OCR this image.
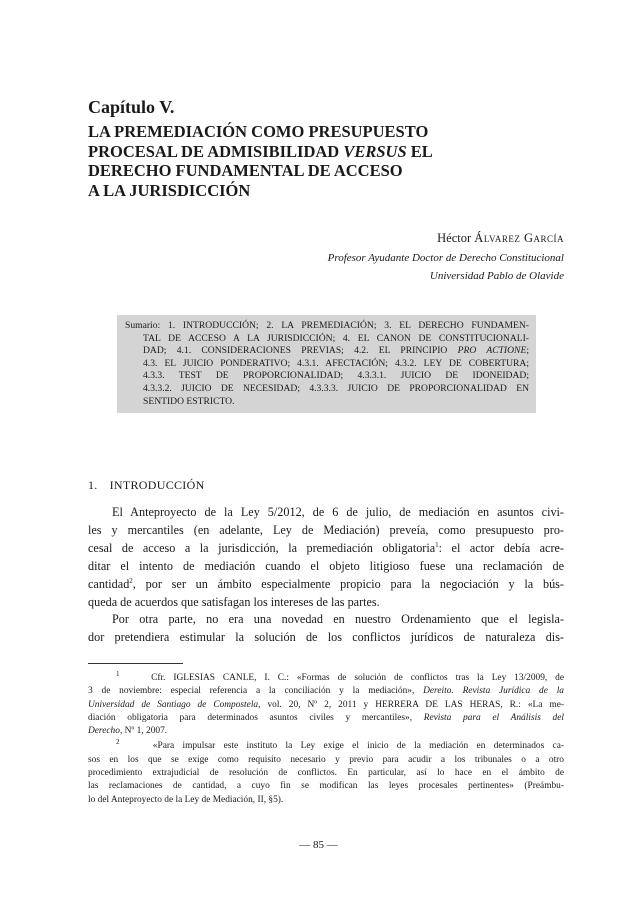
Capítulo V.
LA PREMEDIACIÓN COMO PRESUPUESTO
PROCESAL DE ADMISIBILIDAD VERSUS EL
DERECHO FUNDAMENTAL DE ACCESO
A LA JURISDICCIÓN
Héctor Álvarez García
Profesor Ayudante Doctor de Derecho Constitucional
Universidad Pablo de Olavide
Sumario: 1. INTRODUCCIÓN; 2. LA PREMEDIACIÓN; 3. EL DERECHO FUNDAMEN-
TAL DE ACCESO A LA JURISDICCIÓN; 4. EL CANON DE CONSTITUCIONALI-
DAD; 4.1. CONSIDERACIONES PREVIAS; 4.2. EL PRINCIPIO PRO ACTIONE;
4.3. EL JUICIO PONDERATIVO; 4.3.1. AFECTACIÓN; 4.3.2. LEY DE COBERTURA;
4.3.3. TEST DE PROPORCIONALIDAD; 4.3.3.1. JUICIO DE IDONEIDAD;
4.3.3.2. JUICIO DE NECESIDAD; 4.3.3.3. JUICIO DE PROPORCIONALIDAD EN
SENTIDO ESTRICTO.
1. INTRODUCCIÓN
El Anteproyecto de la Ley 5/2012, de 6 de julio, de mediación en asuntos civi-
les y mercantiles (en adelante, Ley de Mediación) preveía, como presupuesto pro-
cesal de acceso a la jurisdicción, la premediación obligatoria$^1$: el actor debía acre-
ditar el intento de mediación cuando el objeto litigioso fuese una reclamación de
cantidad$^2$, por ser un ámbito especialmente propicio para la negociación y la bús-
queda de acuerdos que satisfagan los intereses de las partes.
Por otra parte, no era una novedad en nuestro Ordenamiento que el legisla-
dor pretendiera estimular la solución de los conflictos jurídicos de naturaleza dis-
$^1$	Cfr. IGLESIAS CANLE, I. C.: «Formas de solución de conflictos tras la Ley 13/2009, de
3 de noviembre: especial referencia a la conciliación y la mediación», Dereito. Revista Jurídica de la
Universidad de Santiago de Compostela, vol. 20, Nº 2, 2011 y HERRERA DE LAS HERAS, R.: «La me-
diación obligatoria para determinados asuntos civiles y mercantiles», Revista para el Análisis del
Derecho, Nº 1, 2007.
$^2$	«Para impulsar este instituto la Ley exige el inicio de la mediación en determinados ca-
sos en los que se exige como requisito necesario y previo para acudir a los tribunales o a otro
procedimiento extrajudicial de resolución de conflictos. En particular, así lo hace en el ámbito de
las reclamaciones de cantidad, a cuyo fin se modifican las leyes procesales pertinentes» (Preámbu-
lo del Anteproyecto de la Ley de Mediación, II, §5).
— 85 —
